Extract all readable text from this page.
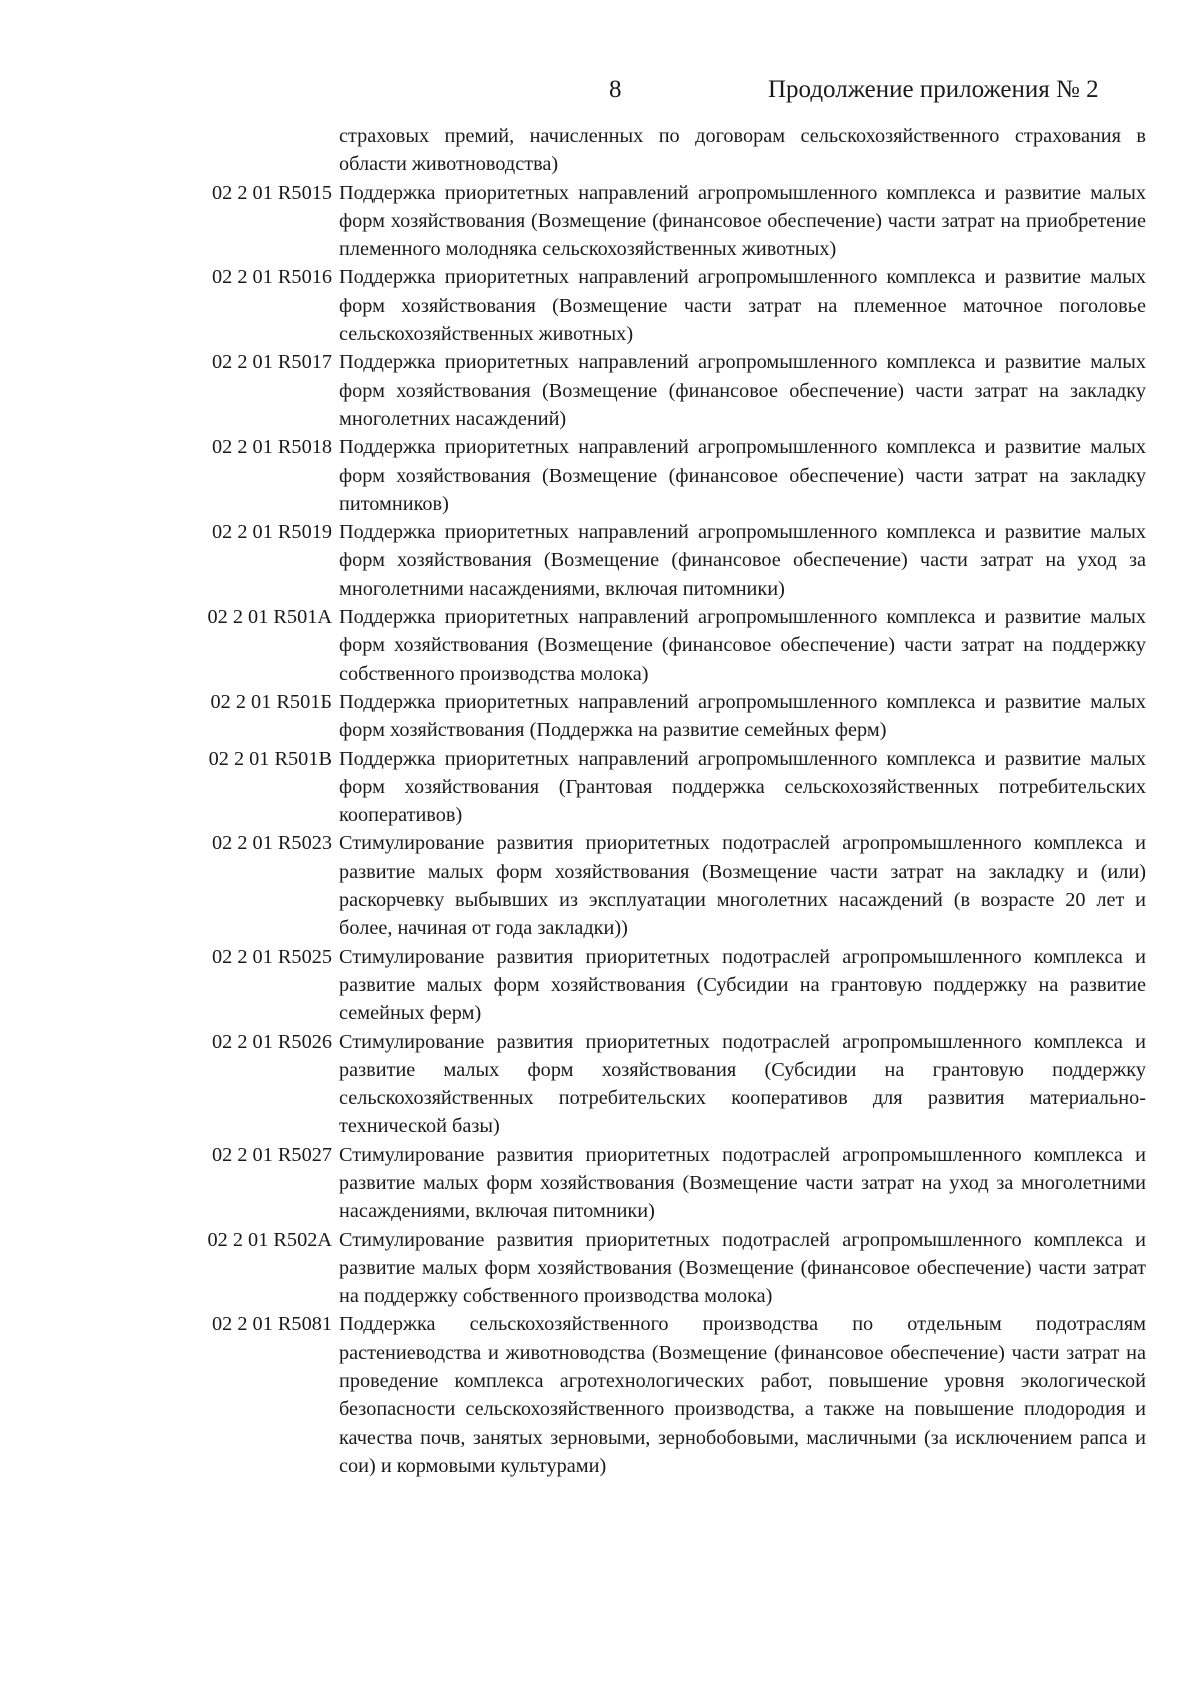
8	Продолжение приложения № 2
страховых премий, начисленных по договорам сельскохозяйственного страхования в области животноводства)
02 2 01 R5015 Поддержка приоритетных направлений агропромышленного комплекса и развитие малых форм хозяйствования (Возмещение (финансовое обеспечение) части затрат на приобретение племенного молодняка сельскохозяйственных животных)
02 2 01 R5016 Поддержка приоритетных направлений агропромышленного комплекса и развитие малых форм хозяйствования (Возмещение части затрат на племенное маточное поголовье сельскохозяйственных животных)
02 2 01 R5017 Поддержка приоритетных направлений агропромышленного комплекса и развитие малых форм хозяйствования (Возмещение (финансовое обеспечение) части затрат на закладку многолетних насаждений)
02 2 01 R5018 Поддержка приоритетных направлений агропромышленного комплекса и развитие малых форм хозяйствования (Возмещение (финансовое обеспечение) части затрат на закладку питомников)
02 2 01 R5019 Поддержка приоритетных направлений агропромышленного комплекса и развитие малых форм хозяйствования (Возмещение (финансовое обеспечение) части затрат на уход за многолетними насаждениями, включая питомники)
02 2 01 R501А Поддержка приоритетных направлений агропромышленного комплекса и развитие малых форм хозяйствования (Возмещение (финансовое обеспечение) части затрат на поддержку собственного производства молока)
02 2 01 R501Б Поддержка приоритетных направлений агропромышленного комплекса и развитие малых форм хозяйствования (Поддержка на развитие семейных ферм)
02 2 01 R501В Поддержка приоритетных направлений агропромышленного комплекса и развитие малых форм хозяйствования (Грантовая поддержка сельскохозяйственных потребительских кооперативов)
02 2 01 R5023 Стимулирование развития приоритетных подотраслей агропромышленного комплекса и развитие малых форм хозяйствования (Возмещение части затрат на закладку и (или) раскорчевку выбывших из эксплуатации многолетних насаждений (в возрасте 20 лет и более, начиная от года закладки))
02 2 01 R5025 Стимулирование развития приоритетных подотраслей агропромышленного комплекса и развитие малых форм хозяйствования (Субсидии на грантовую поддержку на развитие семейных ферм)
02 2 01 R5026 Стимулирование развития приоритетных подотраслей агропромышленного комплекса и развитие малых форм хозяйствования (Субсидии на грантовую поддержку сельскохозяйственных потребительских кооперативов для развития материально-технической базы)
02 2 01 R5027 Стимулирование развития приоритетных подотраслей агропромышленного комплекса и развитие малых форм хозяйствования (Возмещение части затрат на уход за многолетними насаждениями, включая питомники)
02 2 01 R502А Стимулирование развития приоритетных подотраслей агропромышленного комплекса и развитие малых форм хозяйствования (Возмещение (финансовое обеспечение) части затрат на поддержку собственного производства молока)
02 2 01 R5081 Поддержка сельскохозяйственного производства по отдельным подотраслям растениеводства и животноводства (Возмещение (финансовое обеспечение) части затрат на проведение комплекса агротехнологических работ, повышение уровня экологической безопасности сельскохозяйственного производства, а также на повышение плодородия и качества почв, занятых зерновыми, зернобобовыми, масличными (за исключением рапса и сои) и кормовыми культурами)
